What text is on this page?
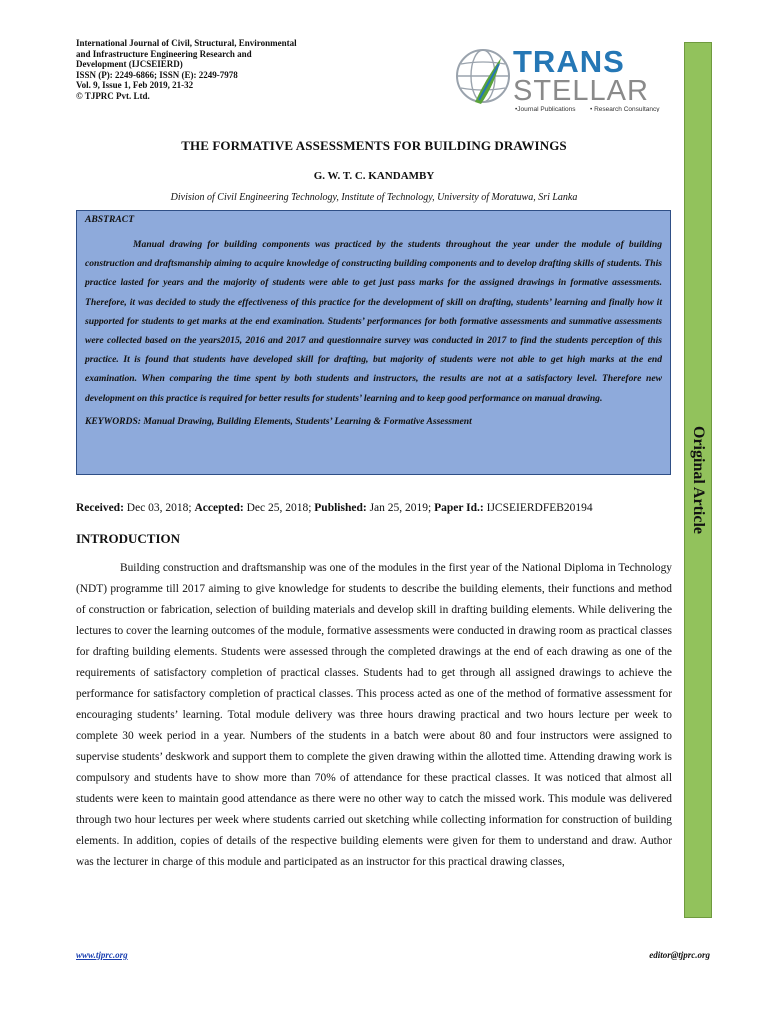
International Journal of Civil, Structural, Environmental
and Infrastructure Engineering Research and
Development (IJCSEIERD)
ISSN (P): 2249-6866; ISSN (E): 2249-7978
Vol. 9, Issue 1, Feb 2019, 21-32
© TJPRC Pvt. Ltd.
TRANS
STELLAR
•Journal Publications • Research Consultancy
Original Article
THE FORMATIVE ASSESSMENTS FOR BUILDING DRAWINGS
G. W. T. C. KANDAMBY
Division of Civil Engineering Technology, Institute of Technology, University of Moratuwa, Sri Lanka
ABSTRACT

Manual drawing for building components was practiced by the students throughout the year under the module of building construction and draftsmanship aiming to acquire knowledge of constructing building components and to develop drafting skills of students. This practice lasted for years and the majority of students were able to get just pass marks for the assigned drawings in formative assessments. Therefore, it was decided to study the effectiveness of this practice for the development of skill on drafting, students’ learning and finally how it supported for students to get marks at the end examination. Students’ performances for both formative assessments and summative assessments were collected based on the years2015, 2016 and 2017 and questionnaire survey was conducted in 2017 to find the students perception of this practice. It is found that students have developed skill for drafting, but majority of students were not able to get high marks at the end examination. When comparing the time spent by both students and instructors, the results are not at a satisfactory level. Therefore new development on this practice is required for better results for students’ learning and to keep good performance on manual drawing.

KEYWORDS: Manual Drawing, Building Elements, Students’ Learning & Formative Assessment
Received: Dec 03, 2018; Accepted: Dec 25, 2018; Published: Jan 25, 2019; Paper Id.: IJCSEIERDFEB20194
INTRODUCTION

Building construction and draftsmanship was one of the modules in the first year of the National Diploma in Technology (NDT) programme till 2017 aiming to give knowledge for students to describe the building elements, their functions and method of construction or fabrication, selection of building materials and develop skill in drafting building elements. While delivering the lectures to cover the learning outcomes of the module, formative assessments were conducted in drawing room as practical classes for drafting building elements. Students were assessed through the completed drawings at the end of each drawing as one of the requirements of satisfactory completion of practical classes. Students had to get through all assigned drawings to achieve the performance for satisfactory completion of practical classes. This process acted as one of the method of formative assessment for encouraging students’ learning. Total module delivery was three hours drawing practical and two hours lecture per week to complete 30 week period in a year. Numbers of the students in a batch were about 80 and four instructors were assigned to supervise students’ deskwork and support them to complete the given drawing within the allotted time. Attending drawing work is compulsory and students have to show more than 70% of attendance for these practical classes. It was noticed that almost all students were keen to maintain good attendance as there were no other way to catch the missed work. This module was delivered through two hour lectures per week where students carried out sketching while collecting information for construction of building elements. In addition, copies of details of the respective building elements were given for them to understand and draw. Author was the lecturer in charge of this module and participated as an instructor for this practical drawing classes,

www.tjprc.org	editor@tjprc.org
